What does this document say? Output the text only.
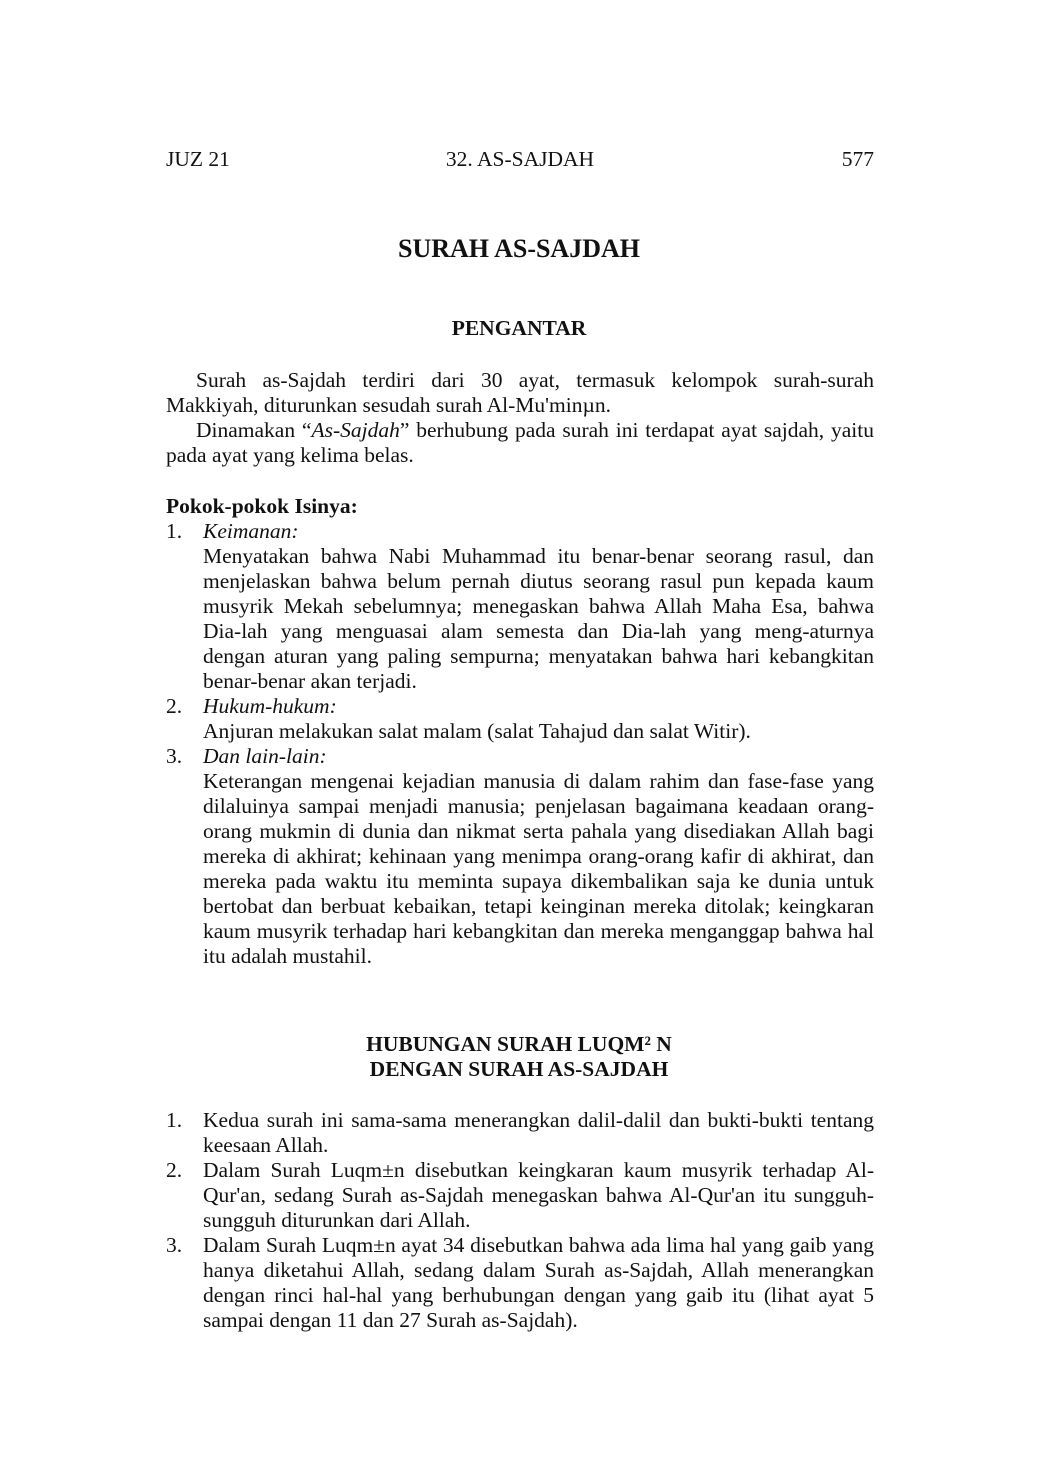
32. AS-SAJDAH
JUZ 21	577
SURAH AS-SAJDAH
PENGANTAR

Surah as-Sajdah terdiri dari 30 ayat, termasuk kelompok surah-surah Makkiyah, diturunkan sesudah surah Al-Mu'minµn.

Dinamakan “As-Sajdah” berhubung pada surah ini terdapat ayat sajdah, yaitu pada ayat yang kelima belas.

Pokok-pokok Isinya:

1. Keimanan:
Menyatakan bahwa Nabi Muhammad itu benar-benar seorang rasul, dan menjelaskan bahwa belum pernah diutus seorang rasul pun kepada kaum musyrik Mekah sebelumnya; menegaskan bahwa Allah Maha Esa, bahwa Dia-lah yang menguasai alam semesta dan Dia-lah yang meng-aturnya dengan aturan yang paling sempurna; menyatakan bahwa hari kebangkitan benar-benar akan terjadi.
2. Hukum-hukum:
Anjuran melakukan salat malam (salat Tahajud dan salat Witir).
3. Dan lain-lain:
Keterangan mengenai kejadian manusia di dalam rahim dan fase-fase yang dilaluinya sampai menjadi manusia; penjelasan bagaimana keadaan orang-orang mukmin di dunia dan nikmat serta pahala yang disediakan Allah bagi mereka di akhirat; kehinaan yang menimpa orang-orang kafir di akhirat, dan mereka pada waktu itu meminta supaya dikembalikan saja ke dunia untuk bertobat dan berbuat kebaikan, tetapi keinginan mereka ditolak; keingkaran kaum musyrik terhadap hari kebangkitan dan mereka menganggap bahwa hal itu adalah mustahil.
HUBUNGAN SURAH LUQM² N
DENGAN SURAH AS-SAJDAH
1. Kedua surah ini sama-sama menerangkan dalil-dalil dan bukti-bukti tentang keesaan Allah.
2. Dalam Surah Luqm±n disebutkan keingkaran kaum musyrik terhadap Al-Qur'an, sedang Surah as-Sajdah menegaskan bahwa Al-Qur'an itu sungguh-sungguh diturunkan dari Allah.
3. Dalam Surah Luqm±n ayat 34 disebutkan bahwa ada lima hal yang gaib yang hanya diketahui Allah, sedang dalam Surah as-Sajdah, Allah menerangkan dengan rinci hal-hal yang berhubungan dengan yang gaib itu (lihat ayat 5 sampai dengan 11 dan 27 Surah as-Sajdah).
